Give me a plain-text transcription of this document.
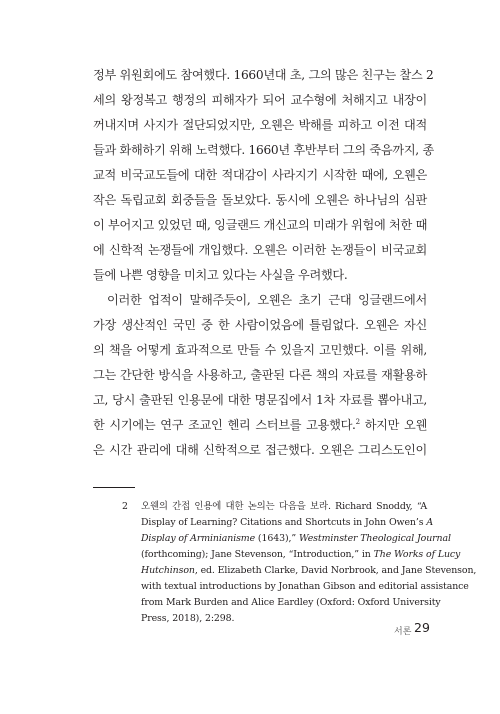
정부 위원회에도 참여했다. 1660년대 초, 그의 많은 친구는 찰스 2

세의 왕정복고 행정의 피해자가 되어 교수형에 처해지고 내장이

꺼내지며 사지가 절단되었지만, 오웬은 박해를 피하고 이전 대적

들과 화해하기 위해 노력했다. 1660년 후반부터 그의 죽음까지, 종

교적 비국교도들에 대한 적대감이 사라지기 시작한 때에, 오웬은

작은 독립교회 회중들을 돌보았다. 동시에 오웬은 하나님의 심판

이 부어지고 있었던 때, 잉글랜드 개신교의 미래가 위험에 처한 때

에 신학적 논쟁들에 개입했다. 오웬은 이러한 논쟁들이 비국교회

들에 나쁜 영향을 미치고 있다는 사실을 우려했다.

이러한 업적이 말해주듯이, 오웬은 초기 근대 잉글랜드에서

가장 생산적인 국민 중 한 사람이었음에 틀림없다. 오웬은 자신

의 책을 어떻게 효과적으로 만들 수 있을지 고민했다. 이를 위해,

그는 간단한 방식을 사용하고, 출판된 다른 책의 자료를 재활용하

고, 당시 출판된 인용문에 대한 명문집에서 1차 자료를 뽑아내고,

한 시기에는 연구 조교인 헨리 스터브를 고용했다.$^2$ 하지만 오웬

은 시간 관리에 대해 신학적으로 접근했다. 오웬은 그리스도인이

2 오웬의 간접 인용에 대한 논의는 다음을 보라. Richard Snoddy, “A

Display of Learning? Citations and Shortcuts in John Owen’s A

Display of Arminianisme (1643),” Westminster Theological Journal

(forthcoming); Jane Stevenson, “Introduction,” in The Works of Lucy

Hutchinson, ed. Elizabeth Clarke, David Norbrook, and Jane Stevenson,

with textual introductions by Jonathan Gibson and editorial assistance

from Mark Burden and Alice Eardley (Oxford: Oxford University

Press, 2018), 2:298.

서론 29
